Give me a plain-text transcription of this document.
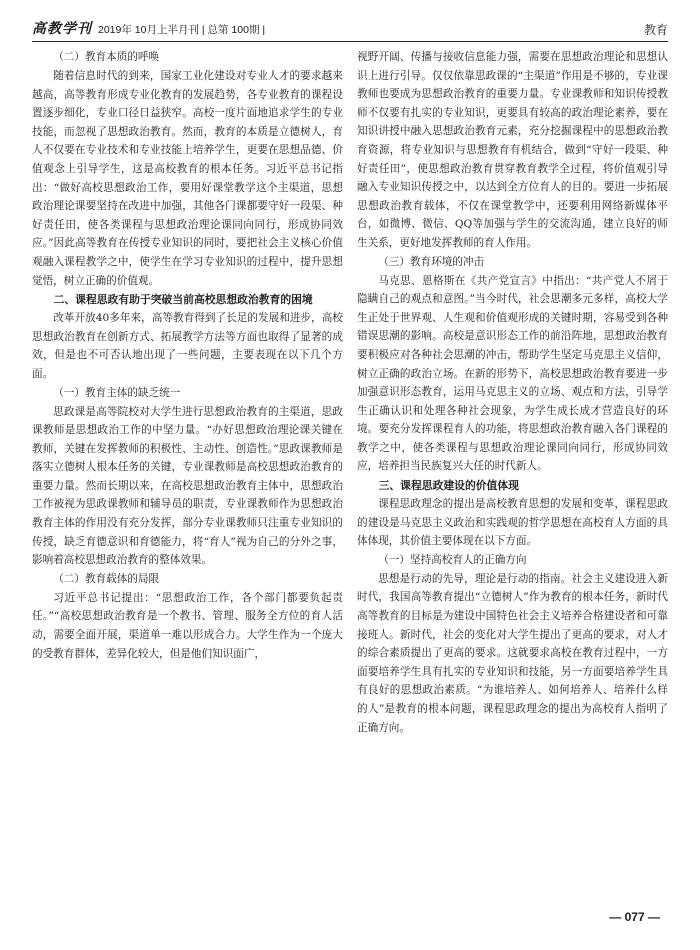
高教学刊 2019年 10月上半月刊 | 总第 100期 |	教育
（二）教育本质的呼唤

随着信息时代的到来，国家工业化建设对专业人才的要求越来越高，高等教育形成专业化教育的发展趋势，各专业教育的课程设置逐步细化，专业口径日益狭窄。高校一度片面地追求学生的专业技能，而忽视了思想政治教育。然而，教育的本质是立德树人，育人不仅要在专业技术和专业技能上培养学生，更要在思想品德、价值观念上引导学生，这是高校教育的根本任务。习近平总书记指出：“做好高校思想政治工作，要用好课堂教学这个主渠道，思想政治理论课要坚持在改进中加强，其他各门课都要守好一段渠、种好责任田，使各类课程与思想政治理论课同向同行，形成协同效应。”因此高等教育在传授专业知识的同时，要把社会主义核心价值观融入课程教学之中，使学生在学习专业知识的过程中，提升思想觉悟，树立正确的价值观。

二、课程思政有助于突破当前高校思想政治教育的困境

改革开放40多年来，高等教育得到了长足的发展和进步，高校思想政治教育在创新方式、拓展教学方法等方面也取得了显著的成效，但是也不可否认地出现了一些问题，主要表现在以下几个方面。

（一）教育主体的缺乏统一

思政课是高等院校对大学生进行思想政治教育的主渠道，思政课教师是思想政治工作的中坚力量。“办好思想政治理论课关键在教师，关键在发挥教师的积极性、主动性、创造性。”思政课教师是落实立德树人根本任务的关键，专业课教师是高校思想政治教育的重要力量。然而长期以来，在高校思想政治教育主体中，思想政治工作被视为思政课教师和辅导员的职责，专业课教师作为思想政治教育主体的作用没有充分发挥，部分专业课教师只注重专业知识的传授，缺乏育德意识和育德能力，将“育人”视为自己的分外之事，影响着高校思想政治教育的整体效果。

（二）教育载体的局限

习近平总书记提出：“思想政治工作，各个部门都要负起责任。”“高校思想政治教育是一个教书、管理、服务全方位的育人活动，需要全面开展，渠道单一难以形成合力。大学生作为一个庞大的受教育群体，差异化较大，但是他们知识面广，

视野开阔、传播与接收信息能力强，需要在思想政治理论和思想认识上进行引导。仅仅依靠思政课的“主渠道”作用是不够的，专业课教师也要成为思想政治教育的重要力量。专业课教师和知识传授教师不仅要有扎实的专业知识，更要具有较高的政治理论素养，要在知识讲授中融入思想政治教育元素，充分挖掘课程中的思想政治教育资源，将专业知识与思想教育有机结合，做到“守好一段渠、种好责任田”，使思想政治教育贯穿教育教学全过程，将价值观引导融入专业知识传授之中，以达到全方位育人的目的。要进一步拓展思想政治教育载体，不仅在课堂教学中，还要利用网络新媒体平台，如微博、微信、QQ等加强与学生的交流沟通，建立良好的师生关系，更好地发挥教师的育人作用。

（三）教育环境的冲击

马克思、恩格斯在《共产党宣言》中指出：“共产党人不屑于隐瞒自己的观点和意图。”当今时代，社会思潮多元多样，高校大学生正处于世界观、人生观和价值观形成的关键时期，容易受到各种错误思潮的影响。高校是意识形态工作的前沿阵地，思想政治教育要积极应对各种社会思潮的冲击，帮助学生坚定马克思主义信仰，树立正确的政治立场。在新的形势下，高校思想政治教育要进一步加强意识形态教育，运用马克思主义的立场、观点和方法，引导学生正确认识和处理各种社会现象，为学生成长成才营造良好的环境。要充分发挥课程育人的功能，将思想政治教育融入各门课程的教学之中，使各类课程与思想政治理论课同向同行，形成协同效应，培养担当民族复兴大任的时代新人。

三、课程思政建设的价值体现

课程思政理念的提出是高校教育思想的发展和变革，课程思政的建设是马克思主义政治和实践观的哲学思想在高校育人方面的具体体现，其价值主要体现在以下方面。

（一）坚持高校育人的正确方向

思想是行动的先导，理论是行动的指南。社会主义建设进入新时代，我国高等教育提出“立德树人”作为教育的根本任务，新时代高等教育的目标是为建设中国特色社会主义培养合格建设者和可靠接班人。新时代，社会的变化对大学生提出了更高的要求，对人才的综合素质提出了更高的要求。这就要求高校在教育过程中，一方面要培养学生具有扎实的专业知识和技能，另一方面要培养学生具有良好的思想政治素质。“为谁培养人、如何培养人、培养什么样的人”是教育的根本问题，课程思政理念的提出为高校育人指明了正确方向。

— 077 —
